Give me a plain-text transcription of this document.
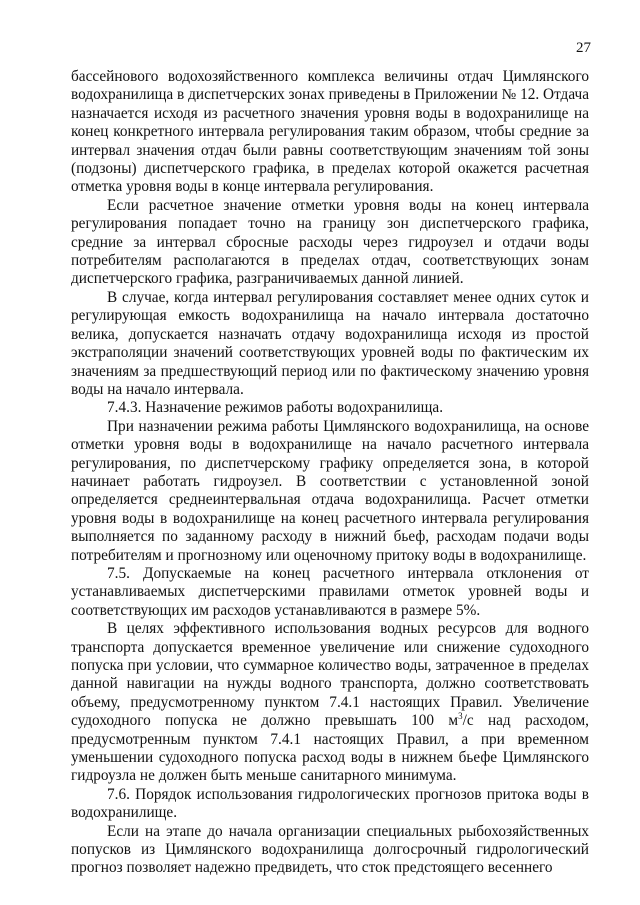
27

бассейнового водохозяйственного комплекса величины отдач Цимлянского водохранилища в диспетчерских зонах приведены в Приложении № 12. Отдача назначается исходя из расчетного значения уровня воды в водохранилище на конец конкретного интервала регулирования таким образом, чтобы средние за интервал значения отдач были равны соответствующим значениям той зоны (подзоны) диспетчерского графика, в пределах которой окажется расчетная отметка уровня воды в конце интервала регулирования.

Если расчетное значение отметки уровня воды на конец интервала регулирования попадает точно на границу зон диспетчерского графика, средние за интервал сбросные расходы через гидроузел и отдачи воды потребителям располагаются в пределах отдач, соответствующих зонам диспетчерского графика, разграничиваемых данной линией.

В случае, когда интервал регулирования составляет менее одних суток и регулирующая емкость водохранилища на начало интервала достаточно велика, допускается назначать отдачу водохранилища исходя из простой экстраполяции значений соответствующих уровней воды по фактическим их значениям за предшествующий период или по фактическому значению уровня воды на начало интервала.

7.4.3. Назначение режимов работы водохранилища.

При назначении режима работы Цимлянского водохранилища, на основе отметки уровня воды в водохранилище на начало расчетного интервала регулирования, по диспетчерскому графику определяется зона, в которой начинает работать гидроузел. В соответствии с установленной зоной определяется среднеинтервальная отдача водохранилища. Расчет отметки уровня воды в водохранилище на конец расчетного интервала регулирования выполняется по заданному расходу в нижний бьеф, расходам подачи воды потребителям и прогнозному или оценочному притоку воды в водохранилище.

7.5. Допускаемые на конец расчетного интервала отклонения от устанавливаемых диспетчерскими правилами отметок уровней воды и соответствующих им расходов устанавливаются в размере 5%.

В целях эффективного использования водных ресурсов для водного транспорта допускается временное увеличение или снижение судоходного попуска при условии, что суммарное количество воды, затраченное в пределах данной навигации на нужды водного транспорта, должно соответствовать объему, предусмотренному пунктом 7.4.1 настоящих Правил. Увеличение судоходного попуска не должно превышать 100 $м^3/с$ над расходом, предусмотренным пунктом 7.4.1 настоящих Правил, а при временном уменьшении судоходного попуска расход воды в нижнем бьефе Цимлянского гидроузла не должен быть меньше санитарного минимума.

7.6. Порядок использования гидрологических прогнозов притока воды в водохранилище.

Если на этапе до начала организации специальных рыбохозяйственных попусков из Цимлянского водохранилища долгосрочный гидрологический прогноз позволяет надежно предвидеть, что сток предстоящего весеннего
